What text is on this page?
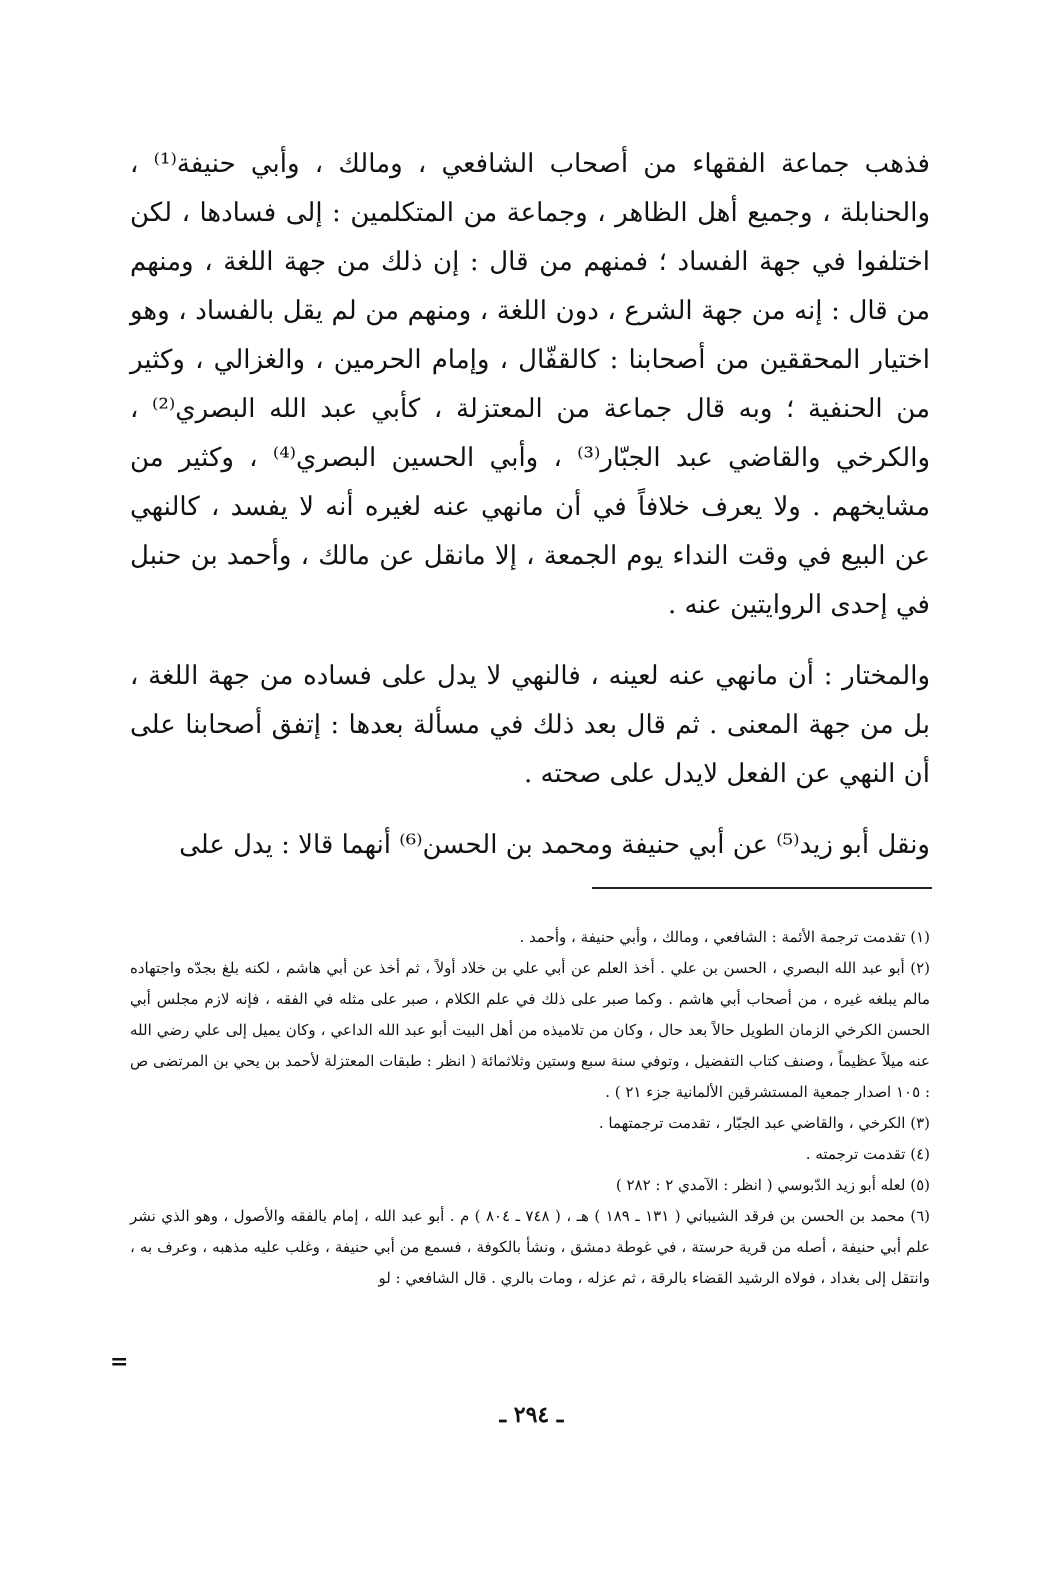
فذهب جماعة الفقهاء من أصحاب الشافعي ، ومالك ، وأبي حنيفة⁽¹⁾ ، والحنابلة ، وجميع أهل الظاهر ، وجماعة من المتكلمين : إلى فسادها ، لكن اختلفوا في جهة الفساد ؛ فمنهم من قال : إن ذلك من جهة اللغة ، ومنهم من قال : إنه من جهة الشرع ، دون اللغة ، ومنهم من لم يقل بالفساد ، وهو اختيار المحققين من أصحابنا : كالقفّال ، وإمام الحرمين ، والغزالي ، وكثير من الحنفية ؛ وبه قال جماعة من المعتزلة ، كأبي عبد الله البصري⁽²⁾ ، والكرخي والقاضي عبد الجبّار⁽³⁾ ، وأبي الحسين البصري⁽⁴⁾ ، وكثير من مشايخهم . ولا يعرف خلافاً في أن مانهي عنه لغيره أنه لا يفسد ، كالنهي عن البيع في وقت النداء يوم الجمعة ، إلا مانقل عن مالك ، وأحمد بن حنبل في إحدى الروايتين عنه .

والمختار : أن مانهي عنه لعينه ، فالنهي لا يدل على فساده من جهة اللغة ، بل من جهة المعنى . ثم قال بعد ذلك في مسألة بعدها : إتفق أصحابنا على أن النهي عن الفعل لايدل على صحته .

ونقل أبو زيد⁽⁵⁾ عن أبي حنيفة ومحمد بن الحسن⁽⁶⁾ أنهما قالا : يدل على

(١) تقدمت ترجمة الأئمة : الشافعي ، ومالك ، وأبي حنيفة ، وأحمد .

(٢) أبو عبد الله البصري ، الحسن بن علي . أخذ العلم عن أبي علي بن خلاد أولاً ، ثم أخذ عن أبي هاشم ، لكنه بلغ بجدّه واجتهاده مالم يبلغه غيره ، من أصحاب أبي هاشم . وكما صبر على ذلك في علم الكلام ، صبر على مثله في الفقه ، فإنه لازم مجلس أبي الحسن الكرخي الزمان الطويل حالاً بعد حال ، وكان من تلاميذه من أهل البيت أبو عبد الله الداعي ، وكان يميل إلى علي رضي الله عنه ميلاً عظيماً ، وصنف كتاب التفضيل ، وتوفي سنة سبع وستين وثلاثمائة ( انظر : طبقات المعتزلة لأحمد بن يحي بن المرتضى ص : ١٠٥ اصدار جمعية المستشرقين الألمانية جزء ٢١ ) .

(٣) الكرخي ، والقاضي عبد الجبّار ، تقدمت ترجمتهما .

(٤) تقدمت ترجمته .

(٥) لعله أبو زيد الدّبوسي ( انظر : الآمدي ٢ : ٢٨٢ )

(٦) محمد بن الحسن بن فرقد الشيباني ( ١٣١ ـ ١٨٩ ) هـ ، ( ٧٤٨ ـ ٨٠٤ ) م . أبو عبد الله ، إمام بالفقه والأصول ، وهو الذي نشر علم أبي حنيفة ، أصله من قرية حرستة ، في غوطة دمشق ، ونشأ بالكوفة ، فسمع من أبي حنيفة ، وغلب عليه مذهبه ، وعرف به ، وانتقل إلى بغداد ، فولاه الرشيد القضاء بالرقة ، ثم عزله ، ومات بالري . قال الشافعي : لو

=
ـ ٢٩٤ ـ
